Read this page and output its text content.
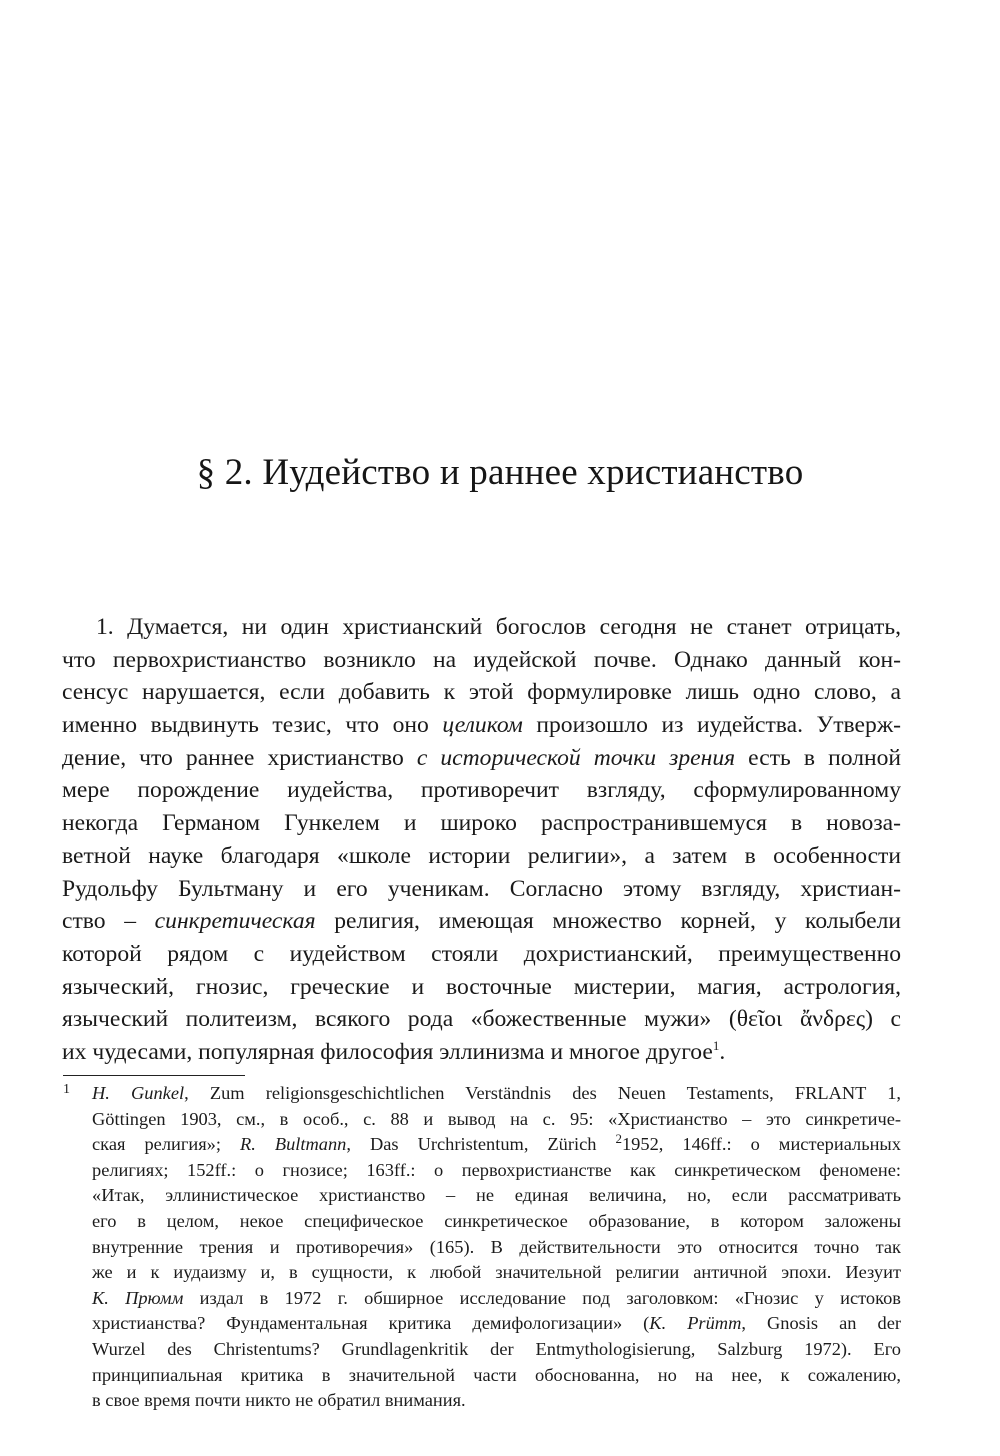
§ 2. Иудейство и раннее христианство
1. Думается, ни один христианский богослов сегодня не станет отрицать,
что первохристианство возникло на иудейской почве. Однако данный кон-
сенсус нарушается, если добавить к этой формулировке лишь одно слово, а
именно выдвинуть тезис, что оно целиком произошло из иудейства. Утверж-
дение, что раннее христианство с исторической точки зрения есть в полной
мере порождение иудейства, противоречит взгляду, сформулированному
некогда Германом Гункелем и широко распространившемуся в новоза-
ветной науке благодаря «школе истории религии», а затем в особенности
Рудольфу Бультману и его ученикам. Согласно этому взгляду, христиан-
ство – синкретическая религия, имеющая множество корней, у колыбели
которой рядом с иудейством стояли дохристианский, преимущественно
языческий, гнозис, греческие и восточные мистерии, магия, астрология,
языческий политеизм, всякого рода «божественные мужи» (θεῖοι ἄνδρες) с
их чудесами, популярная философия эллинизма и многое другое$^1$.
1 H. Gunkel, Zum religionsgeschichtlichen Verständnis des Neuen Testaments, FRLANT 1,
Göttingen 1903, см., в особ., с. 88 и вывод на с. 95: «Христианство – это синкретиче-
ская религия»; R. Bultmann, Das Urchristentum, Zürich $^2$1952, 146ff.: о мистериальных
религиях; 152ff.: о гнозисе; 163ff.: о первохристианстве как синкретическом феномене:
«Итак, эллинистическое христианство – не единая величина, но, если рассматривать
его в целом, некое специфическое синкретическое образование, в котором заложены
внутренние трения и противоречия» (165). В действительности это относится точно так
же и к иудаизму и, в сущности, к любой значительной религии античной эпохи. Иезуит
К. Прюмм издал в 1972 г. обширное исследование под заголовком: «Гнозис у истоков
христианства? Фундаментальная критика демифологизации» (K. Prümm, Gnosis an der
Wurzel des Christentums? Grundlagenkritik der Entmythologisierung, Salzburg 1972). Его
принципиальная критика в значительной части обоснованна, но на нее, к сожалению,
в свое время почти никто не обратил внимания.
